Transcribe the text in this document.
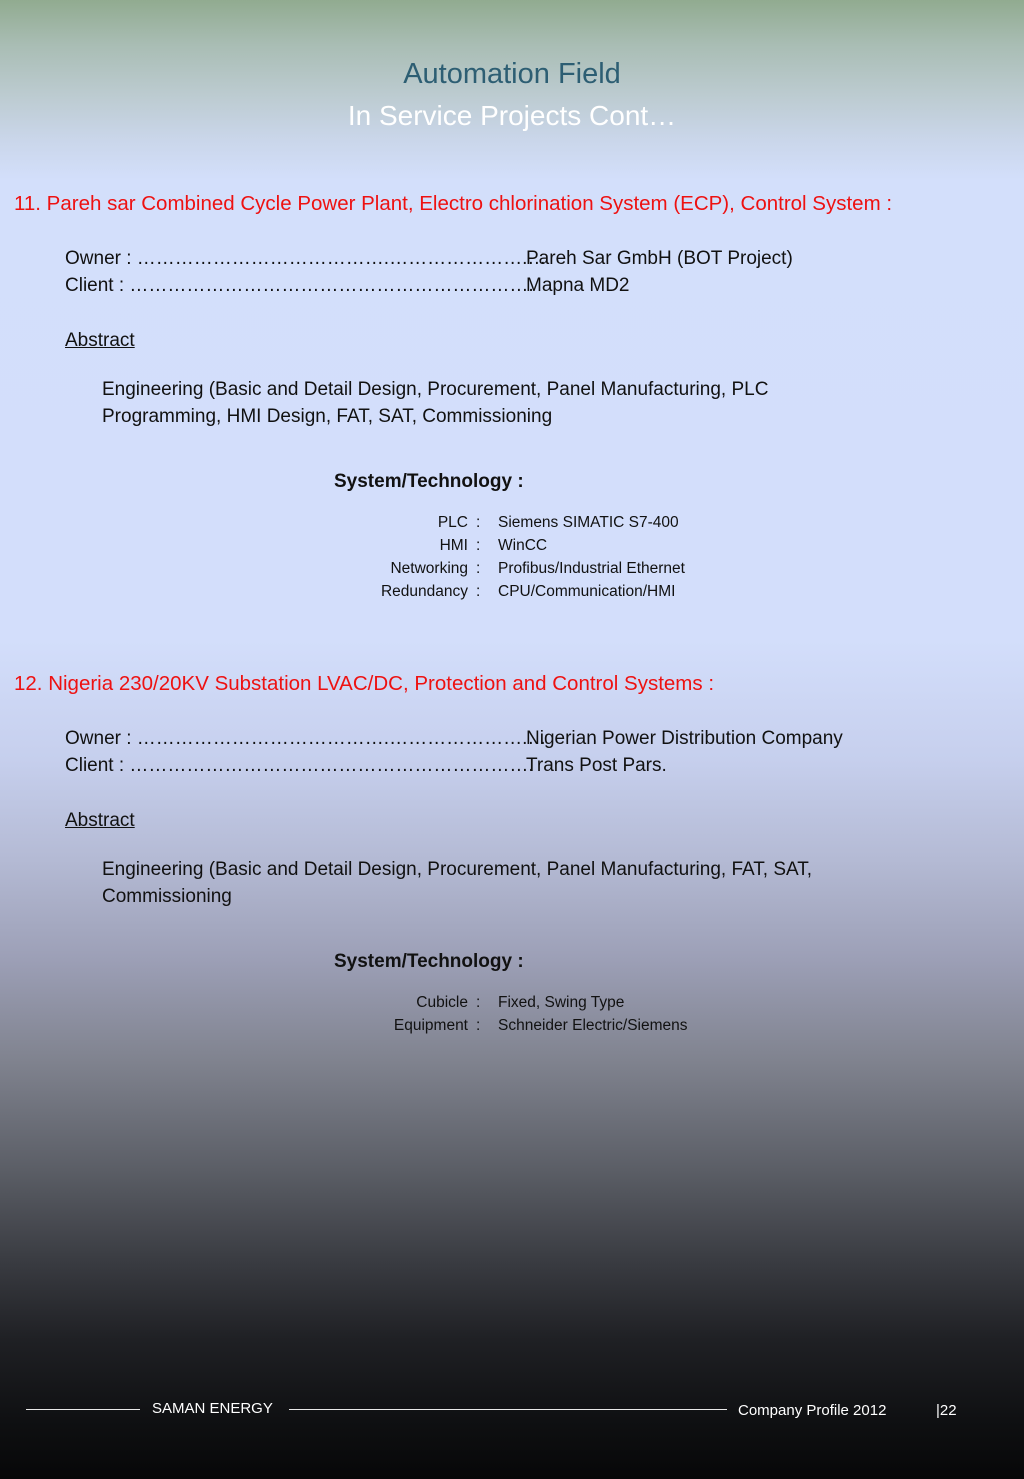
Automation Field
In Service Projects Cont…
11. Pareh sar Combined Cycle Power Plant, Electro chlorination System (ECP), Control System :
Owner : ………………………………….………………….…
Pareh Sar GmbH (BOT Project)
Client : ……………………………………………………….
Mapna MD2
Abstract
Engineering (Basic and Detail Design, Procurement, Panel Manufacturing, PLC
Programming, HMI Design, FAT, SAT, Commissioning
System/Technology :
PLC : Siemens SIMATIC S7-400
HMI : WinCC
Networking : Profibus/Industrial Ethernet
Redundancy : CPU/Communication/HMI
12. Nigeria 230/20KV Substation LVAC/DC, Protection and Control Systems :
Owner : ………………………………….………………….…
Nigerian Power Distribution Company
Client : ……………………………………………………….
Trans Post Pars.
Abstract
Engineering (Basic and Detail Design, Procurement, Panel Manufacturing, FAT, SAT,
Commissioning
System/Technology :
Cubicle : Fixed, Swing Type
Equipment : Schneider Electric/Siemens
SAMAN ENERGY	Company Profile 2012	|22
